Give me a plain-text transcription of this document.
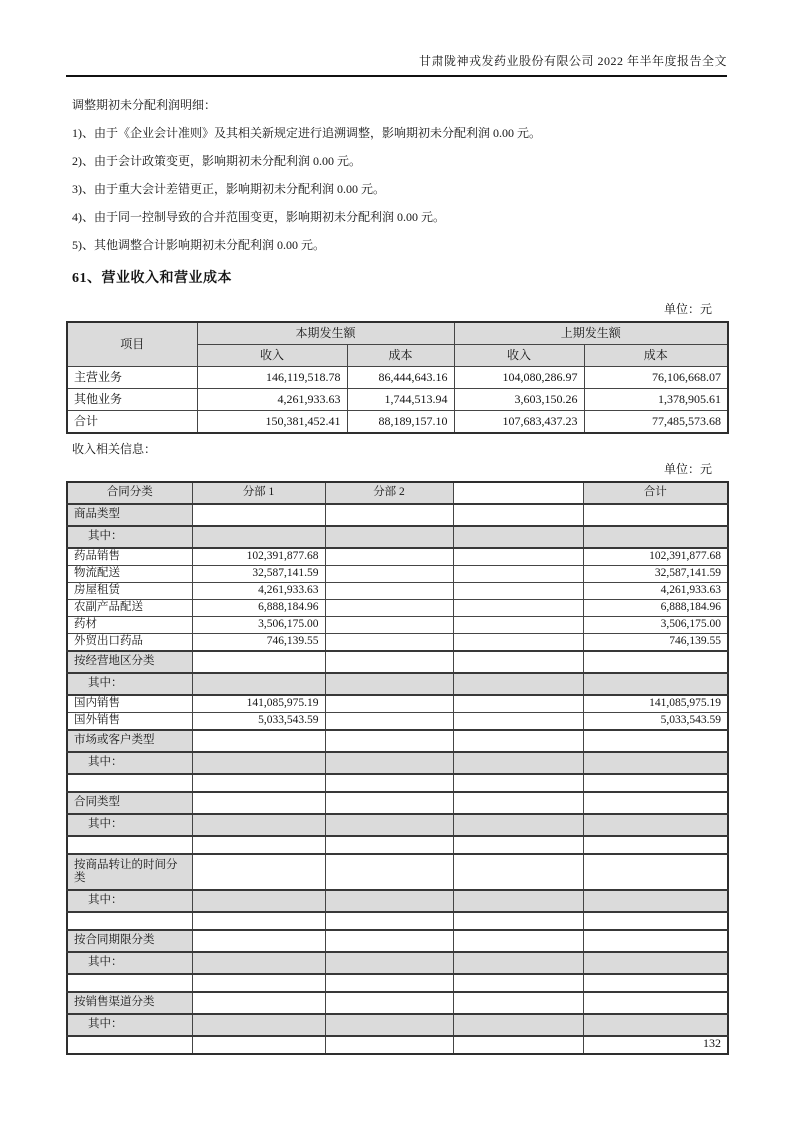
甘肃陇神戎发药业股份有限公司 2022 年半年度报告全文

调整期初未分配利润明细：

1)、由于《企业会计准则》及其相关新规定进行追溯调整，影响期初未分配利润 0.00 元。

2)、由于会计政策变更，影响期初未分配利润 0.00 元。

3)、由于重大会计差错更正，影响期初未分配利润 0.00 元。

4)、由于同一控制导致的合并范围变更，影响期初未分配利润 0.00 元。

5)、其他调整合计影响期初未分配利润 0.00 元。

61、营业收入和营业成本
单位：元
项目	本期发生额		上期发生额	
	收入	成本	收入	成本
主营业务	146,119,518.78	86,444,643.16	104,080,286.97	76,106,668.07
其他业务	4,261,933.63	1,744,513.94	3,603,150.26	1,378,905.61
合计	150,381,452.41	88,189,157.10	107,683,437.23	77,485,573.68
收入相关信息：
单位：元
合同分类	分部 1	分部 2		合计
商品类型				
其中：				
药品销售	102,391,877.68			102,391,877.68
物流配送	32,587,141.59			32,587,141.59
房屋租赁	4,261,933.63			4,261,933.63
农副产品配送	6,888,184.96			6,888,184.96
药材	3,506,175.00			3,506,175.00
外贸出口药品	746,139.55			746,139.55
按经营地区分类				
其中：				
国内销售	141,085,975.19			141,085,975.19
国外销售	5,033,543.59			5,033,543.59
市场或客户类型				
其中：				

合同类型				
其中：				

按商品转让的时间分类				
其中：				

按合同期限分类				
其中：				

按销售渠道分类				
其中：				

132
